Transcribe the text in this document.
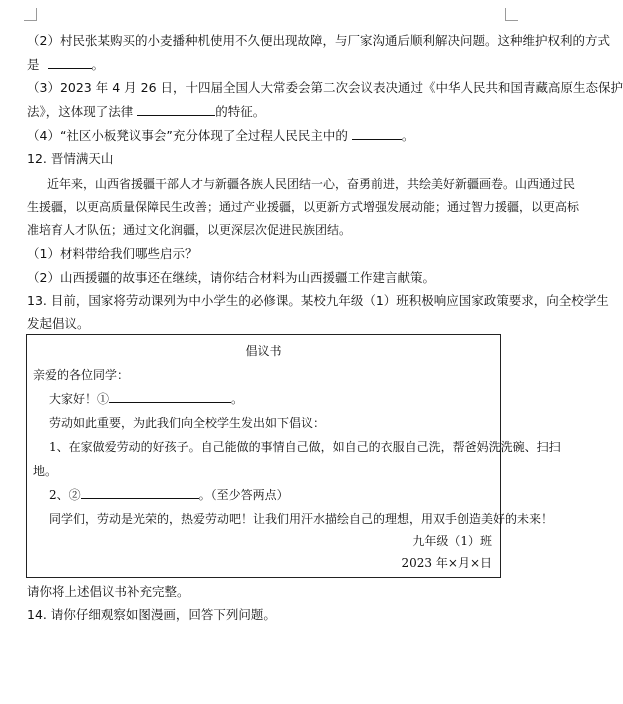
（2）村民张某购买的小麦播种机使用不久便出现故障，与厂家沟通后顺利解决问题。这种维护权利的方式
是	。
（3）2023 年 4 月 26 日，十四届全国人大常委会第二次会议表决通过《中华人民共和国青藏高原生态保护
法》，这体现了法律	的特征。
（4）“社区小板凳议事会”充分体现了全过程人民民主中的	。
12. 晋情满天山
近年来，山西省援疆干部人才与新疆各族人民团结一心，奋勇前进，共绘美好新疆画卷。山西通过民
生援疆，以更高质量保障民生改善；通过产业援疆，以更新方式增强发展动能；通过智力援疆，以更高标
准培育人才队伍；通过文化润疆，以更深层次促进民族团结。
（1）材料带给我们哪些启示？
（2）山西援疆的故事还在继续，请你结合材料为山西援疆工作建言献策。
13. 目前，国家将劳动课列为中小学生的必修课。某校九年级（1）班积极响应国家政策要求，向全校学生
发起倡议。
倡议书
亲爱的各位同学：
大家好！①	。
劳动如此重要，为此我们向全校学生发出如下倡议：
1、在家做爱劳动的好孩子。自己能做的事情自己做，如自己的衣服自己洗，帮爸妈洗洗碗、扫扫
地。
2、②	。（至少答两点）
同学们，劳动是光荣的，热爱劳动吧！让我们用汗水描绘自己的理想，用双手创造美好的未来！
九年级（1）班
2023 年×月×日
请你将上述倡议书补充完整。
14. 请你仔细观察如图漫画，回答下列问题。
